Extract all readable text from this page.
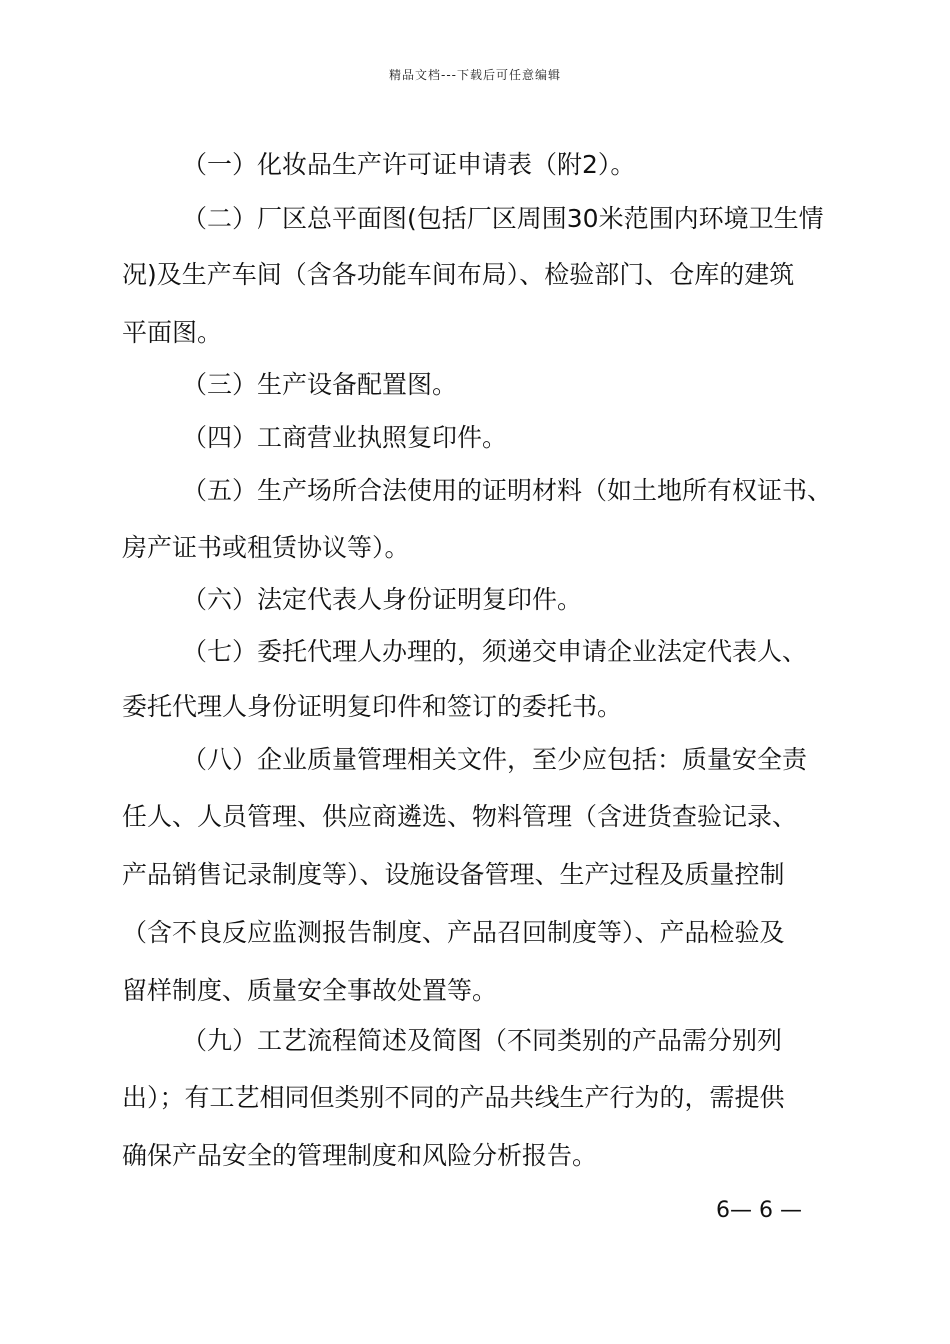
精品文档---下载后可任意编辑
（一）化妆品生产许可证申请表（附2）。
（二）厂区总平面图(包括厂区周围30米范围内环境卫生情
况)及生产车间（含各功能车间布局）、检验部门、仓库的建筑
平面图。
（三）生产设备配置图。
（四）工商营业执照复印件。
（五）生产场所合法使用的证明材料（如土地所有权证书、
房产证书或租赁协议等）。
（六）法定代表人身份证明复印件。
（七）委托代理人办理的，须递交申请企业法定代表人、
委托代理人身份证明复印件和签订的委托书。
（八）企业质量管理相关文件，至少应包括：质量安全责
任人、人员管理、供应商遴选、物料管理（含进货查验记录、
产品销售记录制度等）、设施设备管理、生产过程及质量控制
（含不良反应监测报告制度、产品召回制度等）、产品检验及
留样制度、质量安全事故处置等。
（九）工艺流程简述及简图（不同类别的产品需分别列
出）；有工艺相同但类别不同的产品共线生产行为的，需提供
确保产品安全的管理制度和风险分析报告。
6— 6 —
